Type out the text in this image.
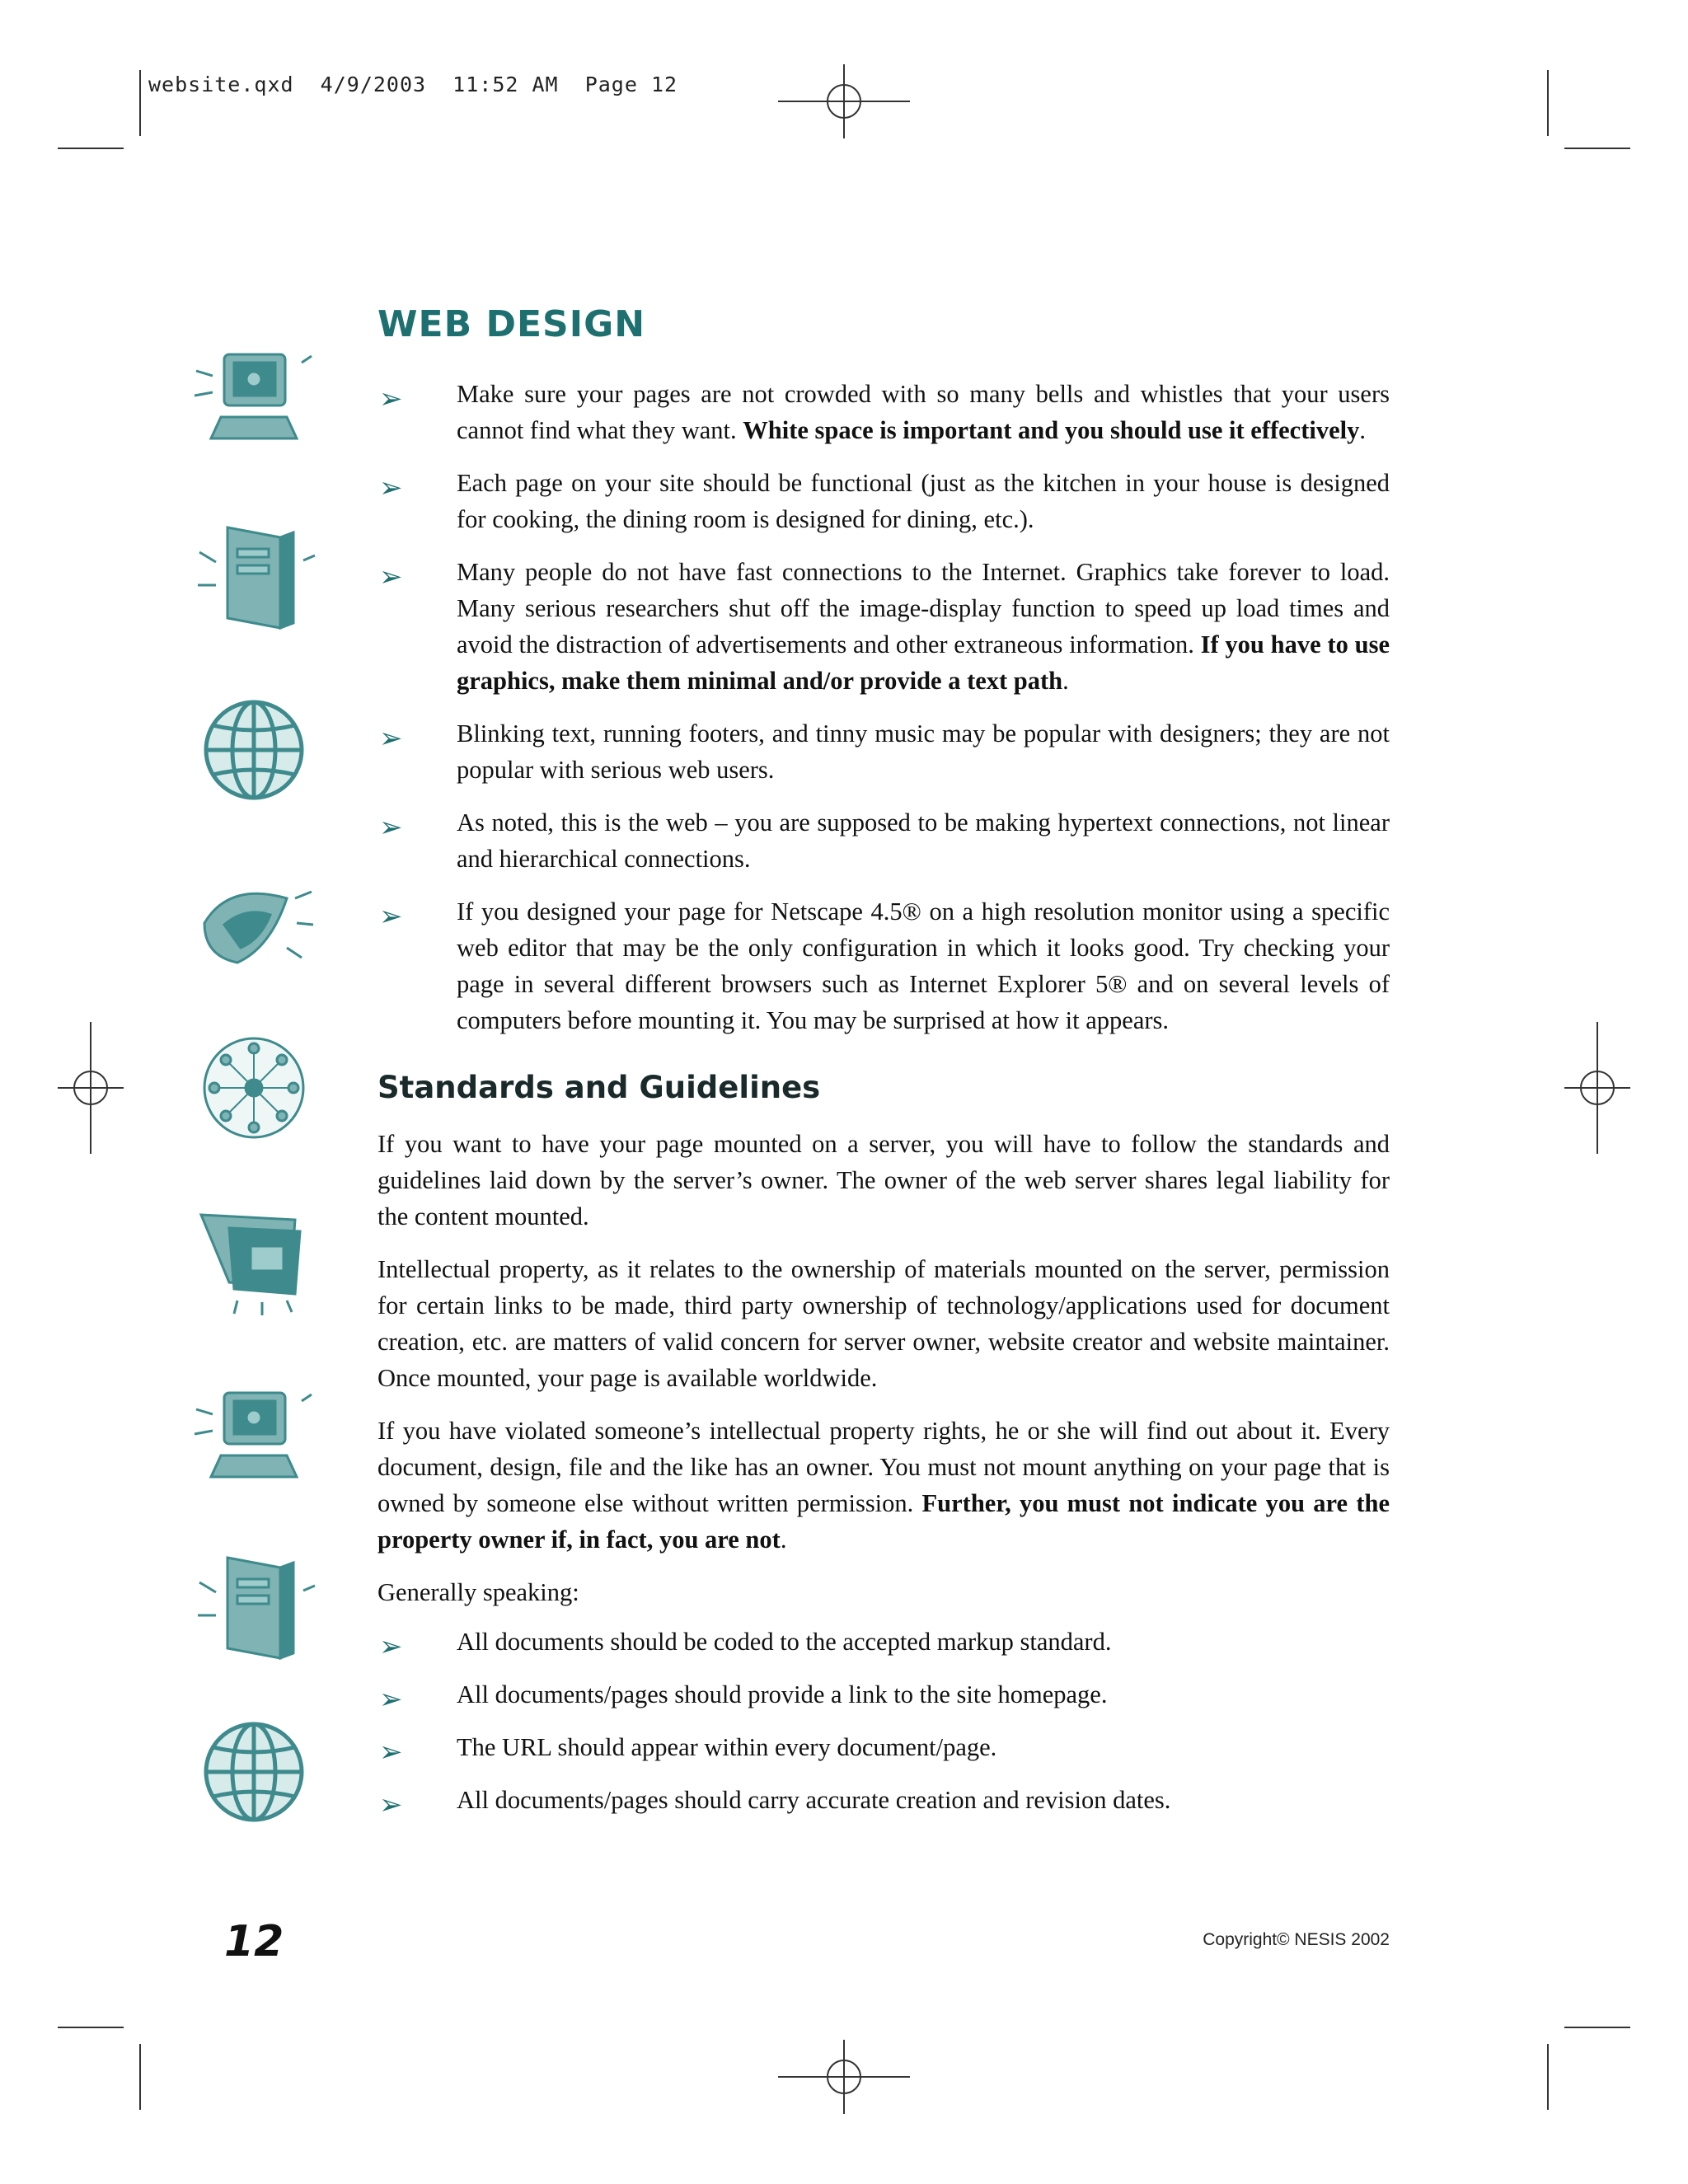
website.qxd  4/9/2003  11:52 AM  Page 12
WEB DESIGN
➢ Make sure your pages are not crowded with so many bells and whistles that your users cannot find what they want. White space is important and you should use it effectively.
➢ Each page on your site should be functional (just as the kitchen in your house is designed for cooking, the dining room is designed for dining, etc.).
➢ Many people do not have fast connections to the Internet. Graphics take forever to load. Many serious researchers shut off the image-display function to speed up load times and avoid the distraction of advertisements and other extraneous information. If you have to use graphics, make them minimal and/or provide a text path.
➢ Blinking text, running footers, and tinny music may be popular with designers; they are not popular with serious web users.
➢ As noted, this is the web – you are supposed to be making hypertext connections, not linear and hierarchical connections.
➢ If you designed your page for Netscape 4.5® on a high resolution monitor using a specific web editor that may be the only configuration in which it looks good. Try checking your page in several different browsers such as Internet Explorer 5® and on several levels of computers before mounting it. You may be surprised at how it appears.
Standards and Guidelines

If you want to have your page mounted on a server, you will have to follow the standards and guidelines laid down by the server’s owner. The owner of the web server shares legal liability for the content mounted.

Intellectual property, as it relates to the ownership of materials mounted on the server, permission for certain links to be made, third party ownership of technology/applications used for document creation, etc. are matters of valid concern for server owner, website creator and website maintainer. Once mounted, your page is available worldwide.

If you have violated someone’s intellectual property rights, he or she will find out about it. Every document, design, file and the like has an owner. You must not mount anything on your page that is owned by someone else without written permission. Further, you must not indicate you are the property owner if, in fact, you are not.

Generally speaking:

➢ All documents should be coded to the accepted markup standard.
➢ All documents/pages should provide a link to the site homepage.
➢ The URL should appear within every document/page.
➢ All documents/pages should carry accurate creation and revision dates.
12	Copyright© NESIS 2002
